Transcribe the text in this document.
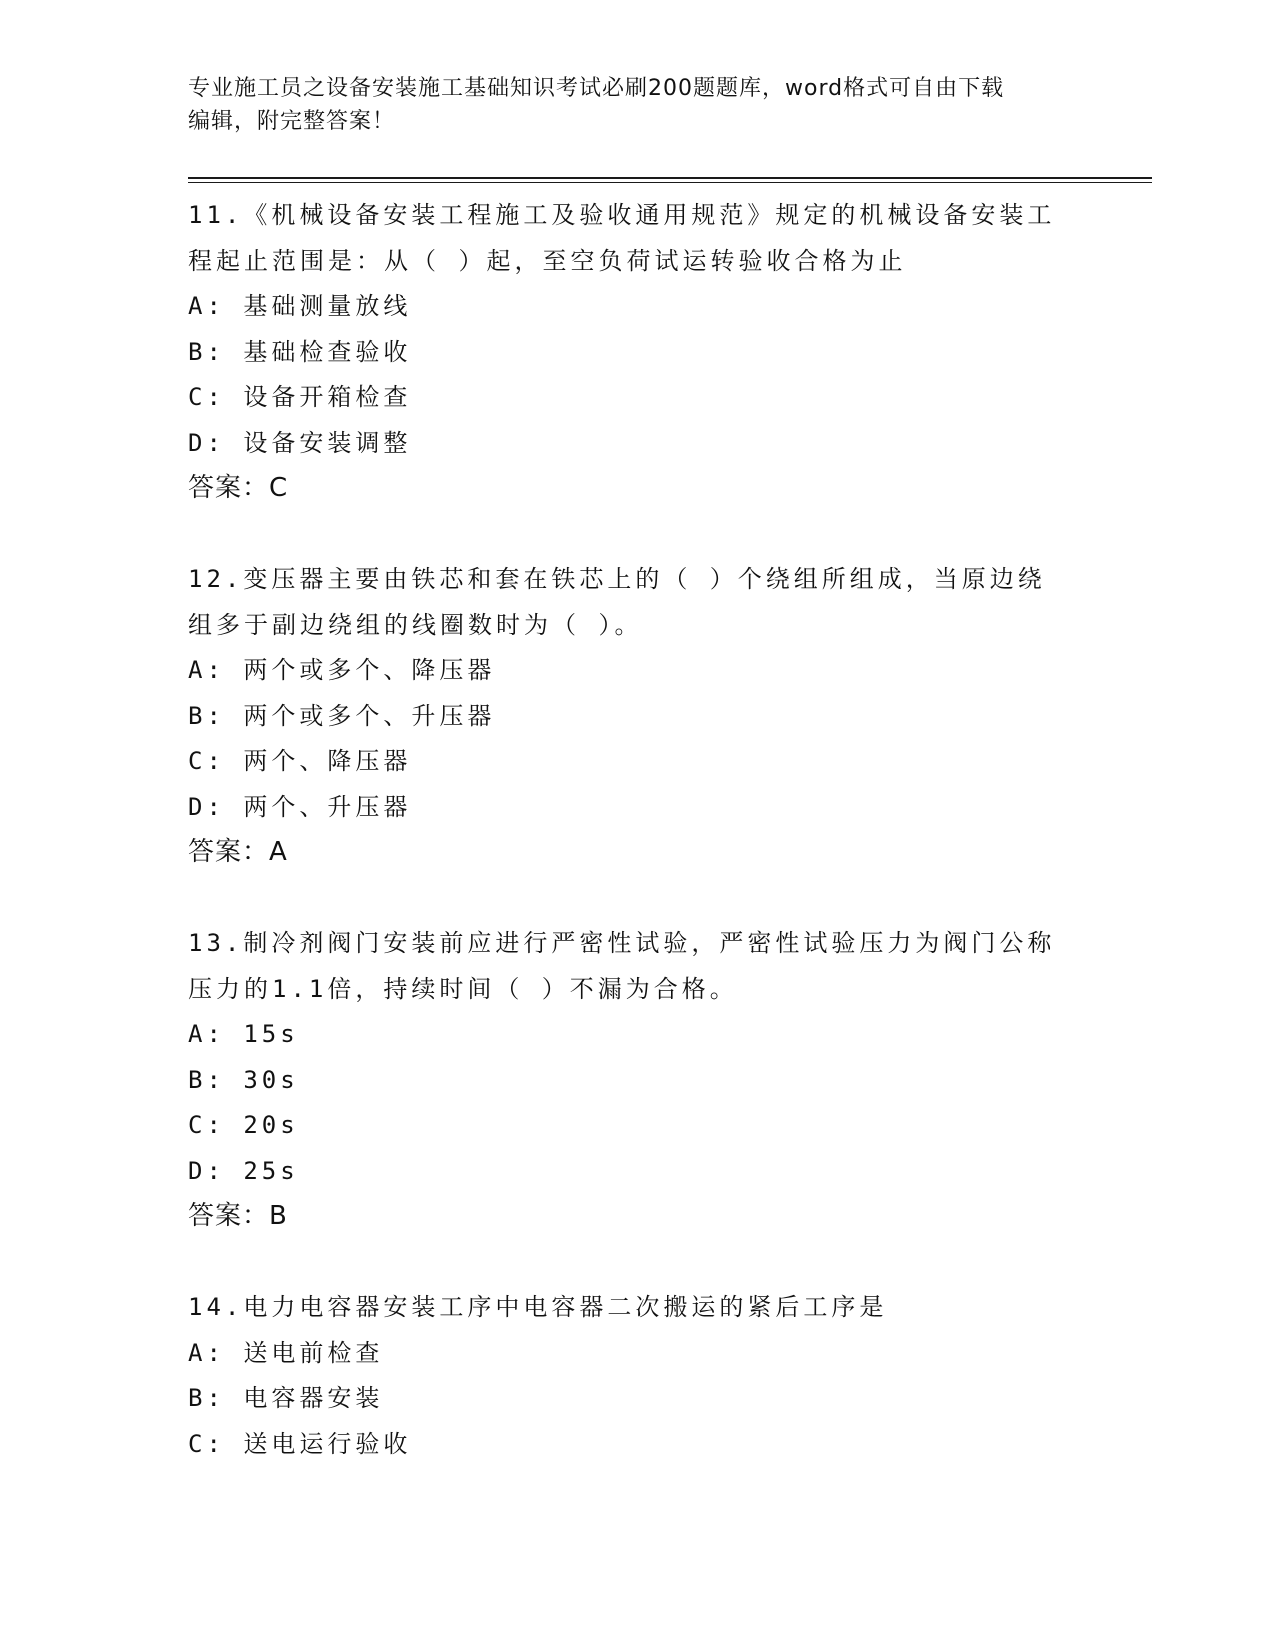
专业施工员之设备安装施工基础知识考试必刷200题题库，word格式可自由下载
编辑，附完整答案！

11.《机械设备安装工程施工及验收通用规范》规定的机械设备安装工

程起止范围是：从（ ）起，至空负荷试运转验收合格为止

A: 基础测量放线

B: 基础检查验收

C: 设备开箱检查

D: 设备安装调整

答案：C

12.变压器主要由铁芯和套在铁芯上的（ ）个绕组所组成，当原边绕

组多于副边绕组的线圈数时为（ ）。

A: 两个或多个、降压器

B: 两个或多个、升压器

C: 两个、降压器

D: 两个、升压器

答案：A

13.制冷剂阀门安装前应进行严密性试验，严密性试验压力为阀门公称

压力的1.1倍，持续时间（ ）不漏为合格。

A: 15s

B: 30s

C: 20s

D: 25s

答案：B

14.电力电容器安装工序中电容器二次搬运的紧后工序是

A: 送电前检查

B: 电容器安装

C: 送电运行验收
